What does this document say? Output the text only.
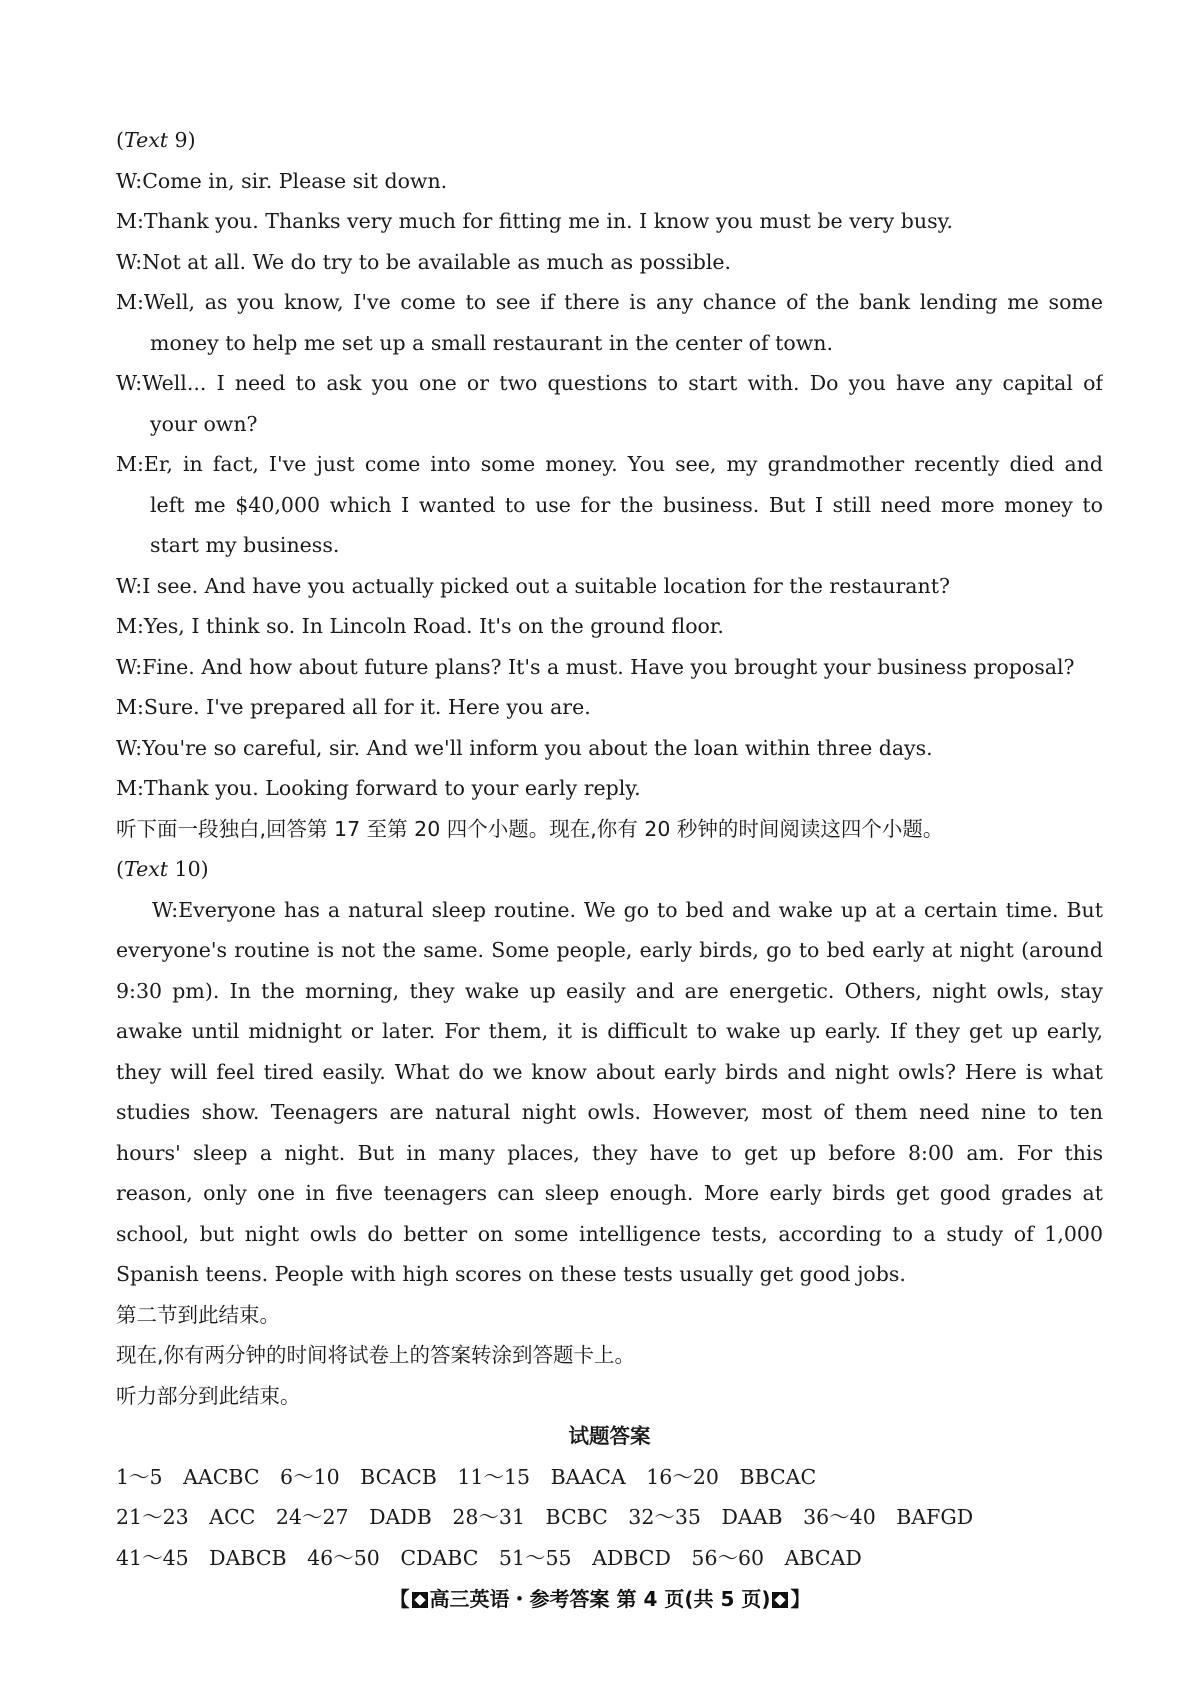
(Text 9)
W:Come in, sir. Please sit down.
M:Thank you. Thanks very much for fitting me in. I know you must be very busy.
W:Not at all. We do try to be available as much as possible.
M:Well, as you know, I've come to see if there is any chance of the bank lending me some
money to help me set up a small restaurant in the center of town.
W:Well... I need to ask you one or two questions to start with. Do you have any capital of
your own?
M:Er, in fact, I've just come into some money. You see, my grandmother recently died and
left me $40,000 which I wanted to use for the business. But I still need more money to
start my business.
W:I see. And have you actually picked out a suitable location for the restaurant?
M:Yes, I think so. In Lincoln Road. It's on the ground floor.
W:Fine. And how about future plans? It's a must. Have you brought your business proposal?
M:Sure. I've prepared all for it. Here you are.
W:You're so careful, sir. And we'll inform you about the loan within three days.
M:Thank you. Looking forward to your early reply.
听下面一段独白,回答第 17 至第 20 四个小题。现在,你有 20 秒钟的时间阅读这四个小题。
(Text 10)
W:Everyone has a natural sleep routine. We go to bed and wake up at a certain time. But
everyone's routine is not the same. Some people, early birds, go to bed early at night (around
9:30 pm). In the morning, they wake up easily and are energetic. Others, night owls, stay
awake until midnight or later. For them, it is difficult to wake up early. If they get up early,
they will feel tired easily. What do we know about early birds and night owls? Here is what
studies show. Teenagers are natural night owls. However, most of them need nine to ten
hours' sleep a night. But in many places, they have to get up before 8:00 am. For this
reason, only one in five teenagers can sleep enough. More early birds get good grades at
school, but night owls do better on some intelligence tests, according to a study of 1,000
Spanish teens. People with high scores on these tests usually get good jobs.
第二节到此结束。
现在,你有两分钟的时间将试卷上的答案转涂到答题卡上。
听力部分到此结束。
试题答案
1～5 AACBC 6～10 BCACB 11～15 BAACA 16～20 BBCAC
21～23 ACC 24～27 DADB 28～31 BCBC 32～35 DAAB 36～40 BAFGD
41～45 DABCB 46～50 CDABC 51～55 ADBCD 56～60 ABCAD
【 高三英语・参考答案 第 4 页(共 5 页) 】
